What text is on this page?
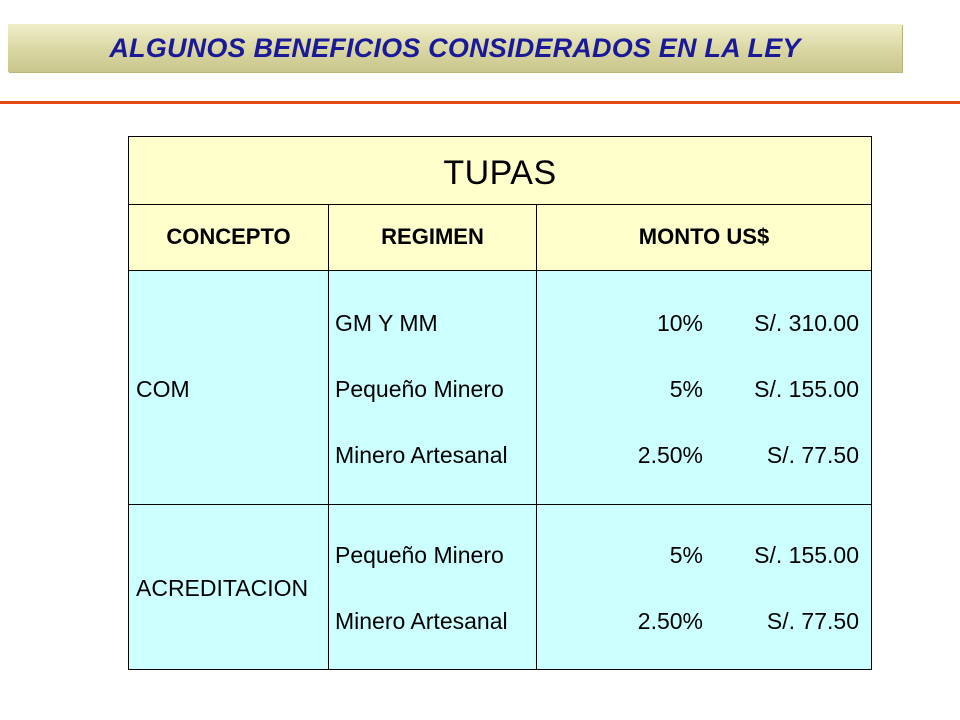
ALGUNOS BENEFICIOS CONSIDERADOS EN LA LEY
TUPAS
CONCEPTO	REGIMEN	MONTO US$
COM
GM Y MM	10%	S/. 310.00
Pequeño Minero	5%	S/. 155.00
Minero Artesanal	2.50%	S/. 77.50
ACREDITACION
Pequeño Minero	5%	S/. 155.00
Minero Artesanal	2.50%	S/. 77.50
